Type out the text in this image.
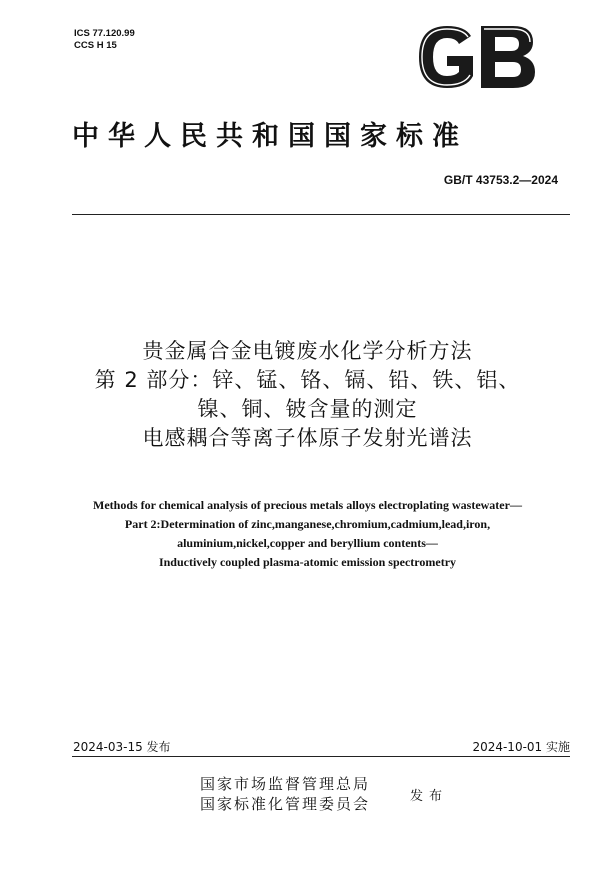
ICS 77.120.99
CCS H 15
GB
中华人民共和国国家标准
GB/T 43753.2—2024
贵金属合金电镀废水化学分析方法
第 2 部分：锌、锰、铬、镉、铅、铁、铝、
镍、铜、铍含量的测定
电感耦合等离子体原子发射光谱法
Methods for chemical analysis of precious metals alloys electroplating wastewater—
Part 2:Determination of zinc,manganese,chromium,cadmium,lead,iron,
aluminium,nickel,copper and beryllium contents—
Inductively coupled plasma-atomic emission spectrometry
2024-03-15 发布	2024-10-01 实施
国家市场监督管理总局
国家标准化管理委员会	发布
